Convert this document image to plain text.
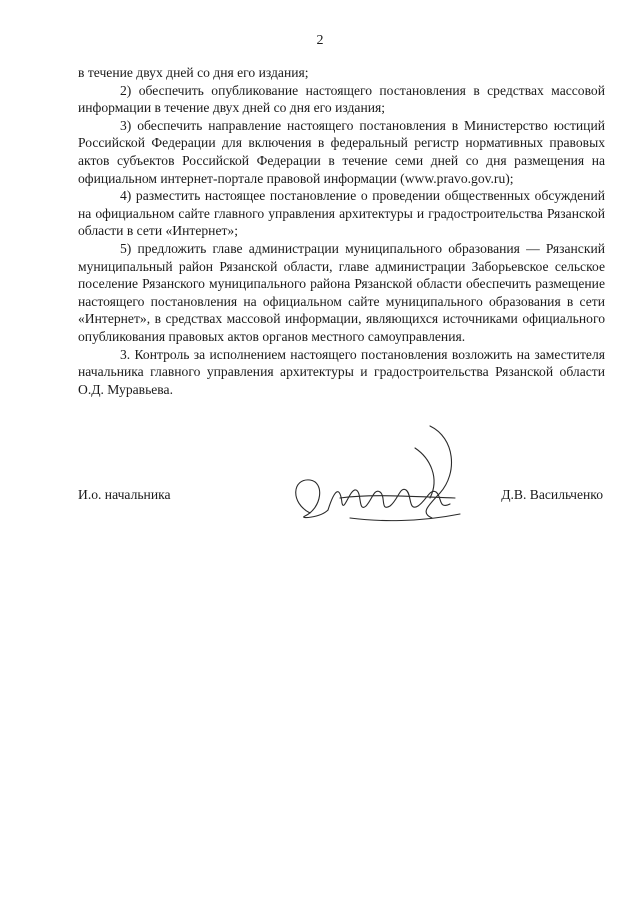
2

в течение двух дней со дня его издания;

2) обеспечить опубликование настоящего постановления в средствах массовой информации в течение двух дней со дня его издания;

3) обеспечить направление настоящего постановления в Министерство юстиций Российской Федерации для включения в федеральный регистр нормативных правовых актов субъектов Российской Федерации в течение семи дней со дня размещения на официальном интернет-портале правовой информации (www.pravo.gov.ru);

4) разместить настоящее постановление о проведении общественных обсуждений на официальном сайте главного управления архитектуры и градостроительства Рязанской области в сети «Интернет»;

5) предложить главе администрации муниципального образования — Рязанский муниципальный район Рязанской области, главе администрации Заборьевское сельское поселение Рязанского муниципального района Рязанской области обеспечить размещение настоящего постановления на официальном сайте муниципального образования в сети «Интернет», в средствах массовой информации, являющихся источниками официального опубликования правовых актов органов местного самоуправления.

3. Контроль за исполнением настоящего постановления возложить на заместителя начальника главного управления архитектуры и градостроительства Рязанской области О.Д. Муравьева.

И.о. начальника	Д.В. Васильченко
